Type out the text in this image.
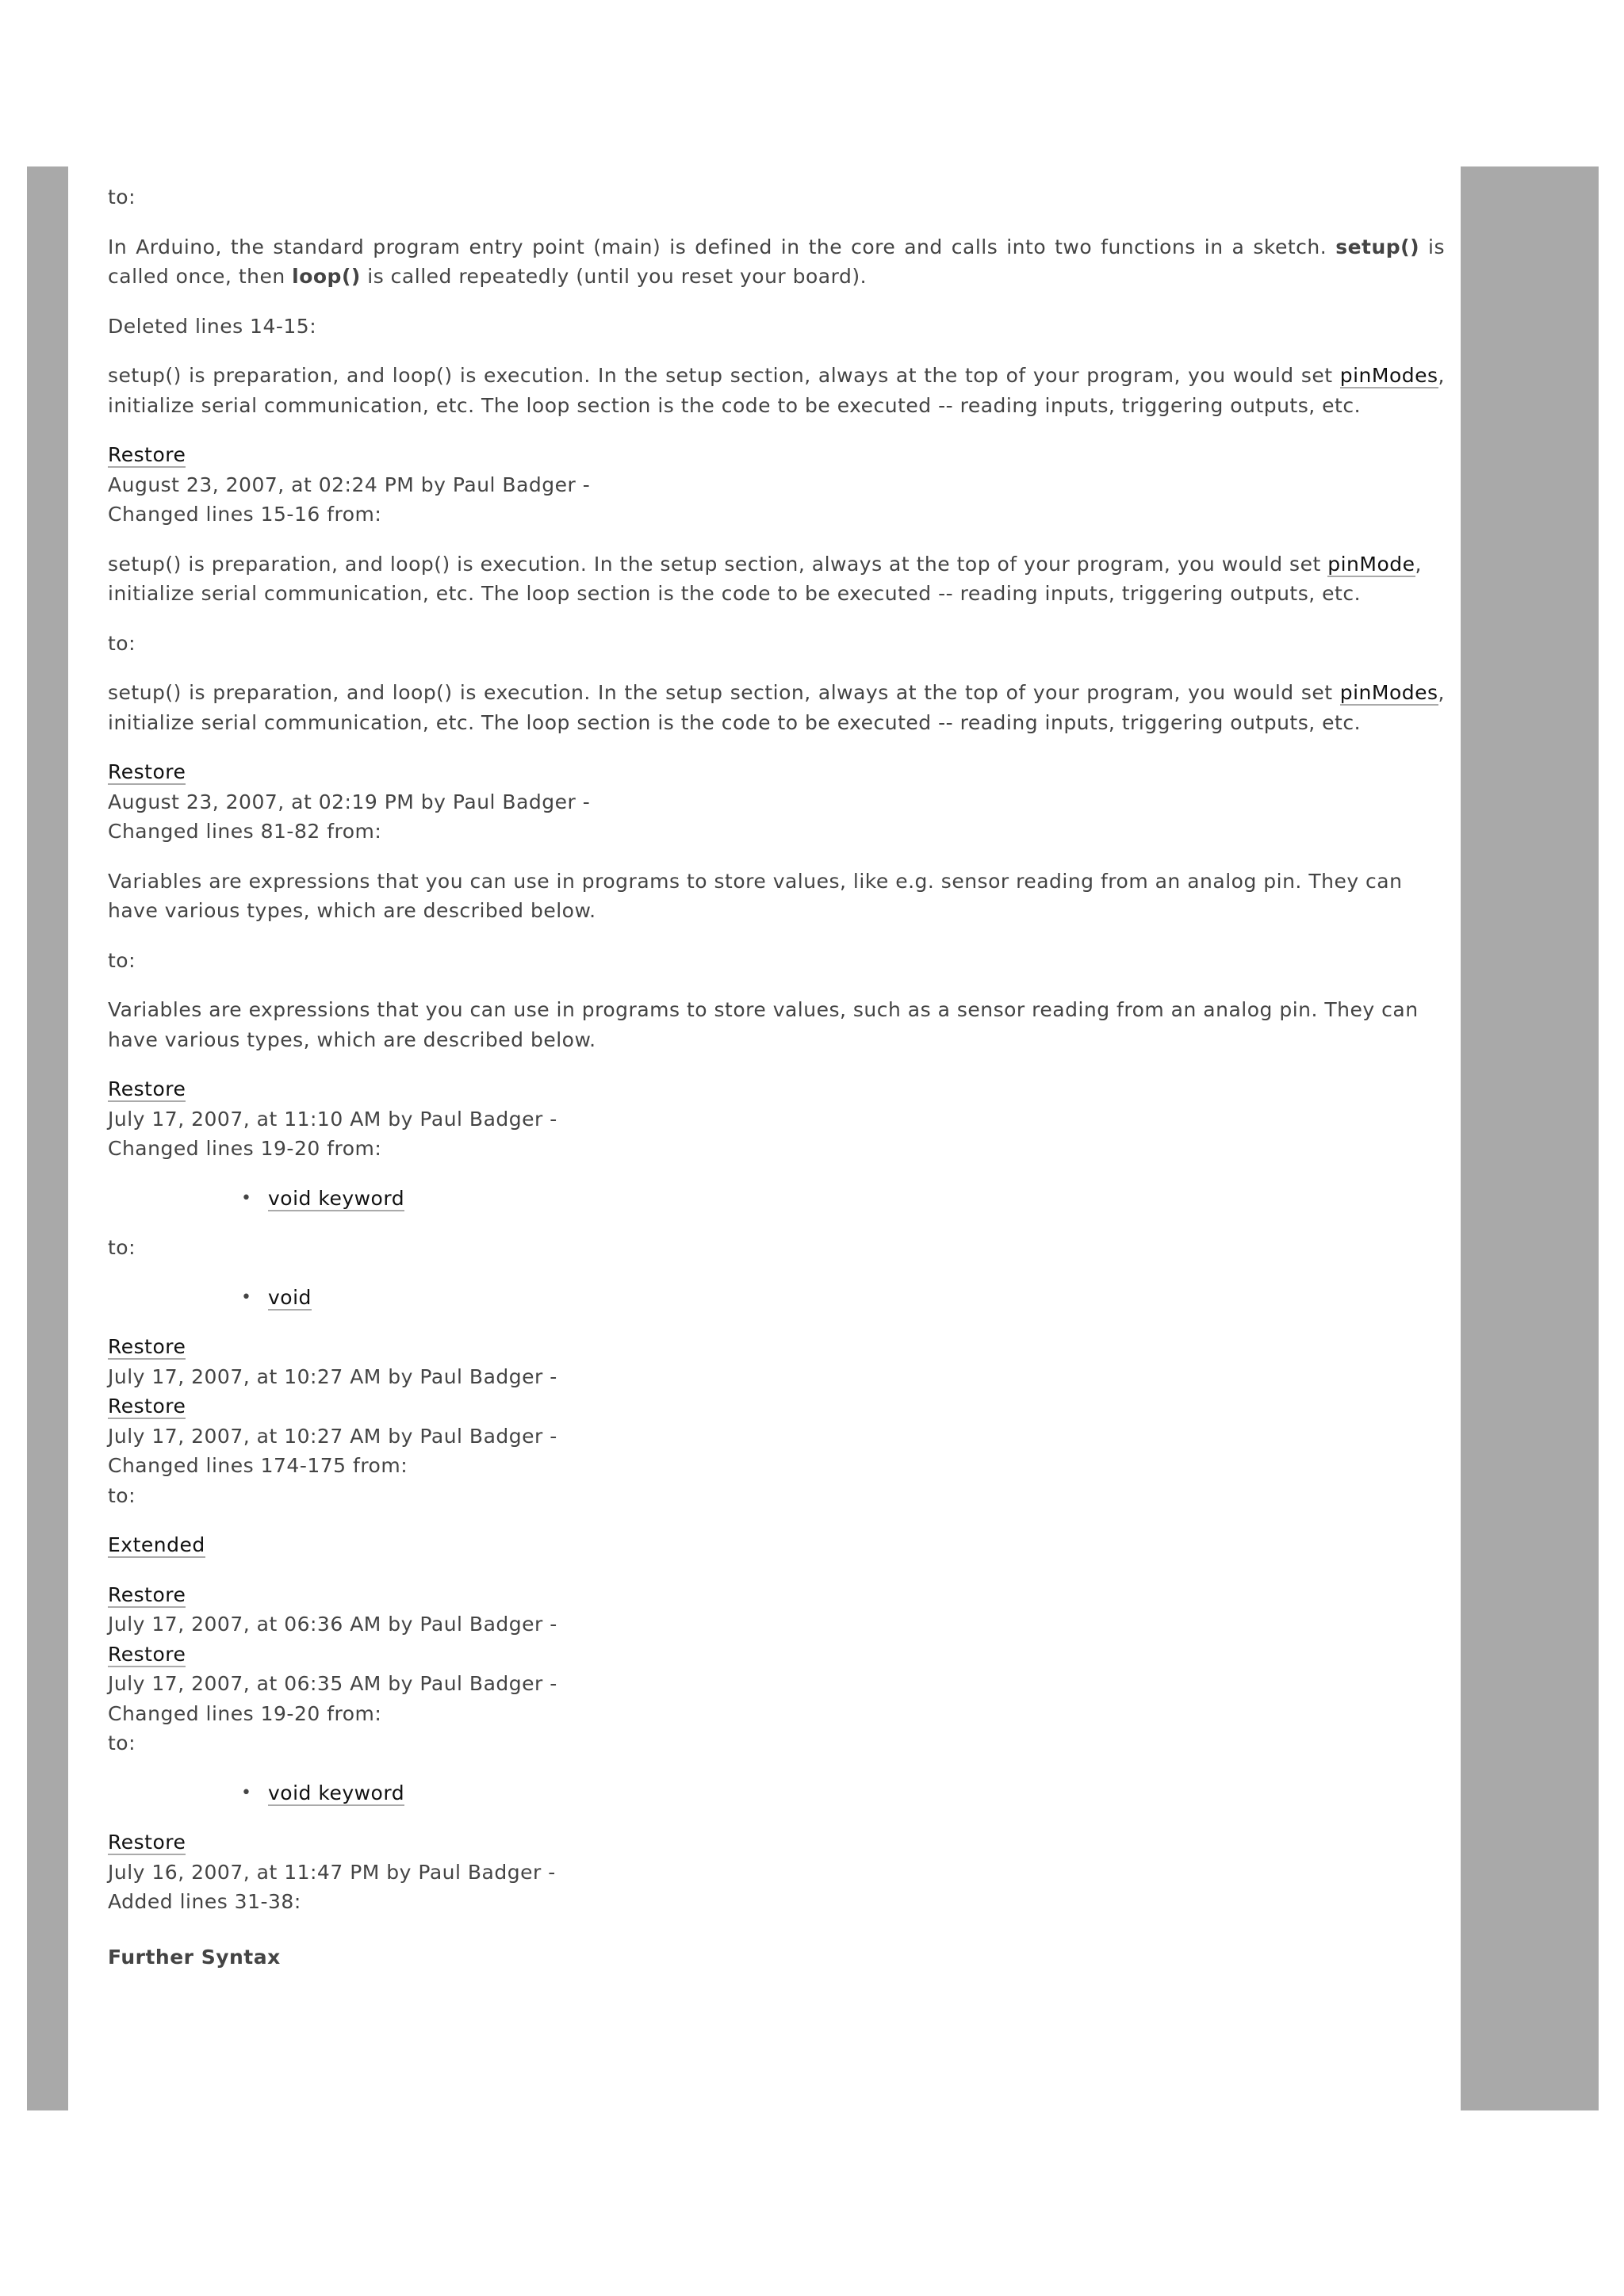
to:

In Arduino, the standard program entry point (main) is defined in the core and calls into two functions in a sketch. setup() is called once, then loop() is called repeatedly (until you reset your board).

Deleted lines 14-15:

setup() is preparation, and loop() is execution. In the setup section, always at the top of your program, you would set pinModes, initialize serial communication, etc. The loop section is the code to be executed -- reading inputs, triggering outputs, etc.

Restore

August 23, 2007, at 02:24 PM by Paul Badger -

Changed lines 15-16 from:

setup() is preparation, and loop() is execution. In the setup section, always at the top of your program, you would set pinMode, initialize serial communication, etc. The loop section is the code to be executed -- reading inputs, triggering outputs, etc.

to:

setup() is preparation, and loop() is execution. In the setup section, always at the top of your program, you would set pinModes, initialize serial communication, etc. The loop section is the code to be executed -- reading inputs, triggering outputs, etc.

Restore

August 23, 2007, at 02:19 PM by Paul Badger -

Changed lines 81-82 from:

Variables are expressions that you can use in programs to store values, like e.g. sensor reading from an analog pin. They can have various types, which are described below.

to:

Variables are expressions that you can use in programs to store values, such as a sensor reading from an analog pin. They can have various types, which are described below.

Restore

July 17, 2007, at 11:10 AM by Paul Badger -

Changed lines 19-20 from:

• void keyword

to:

• void

Restore

July 17, 2007, at 10:27 AM by Paul Badger -

Restore

July 17, 2007, at 10:27 AM by Paul Badger -

Changed lines 174-175 from:

to:

Extended

Restore

July 17, 2007, at 06:36 AM by Paul Badger -

Restore

July 17, 2007, at 06:35 AM by Paul Badger -

Changed lines 19-20 from:

to:

• void keyword

Restore

July 16, 2007, at 11:47 PM by Paul Badger -

Added lines 31-38:

Further Syntax
